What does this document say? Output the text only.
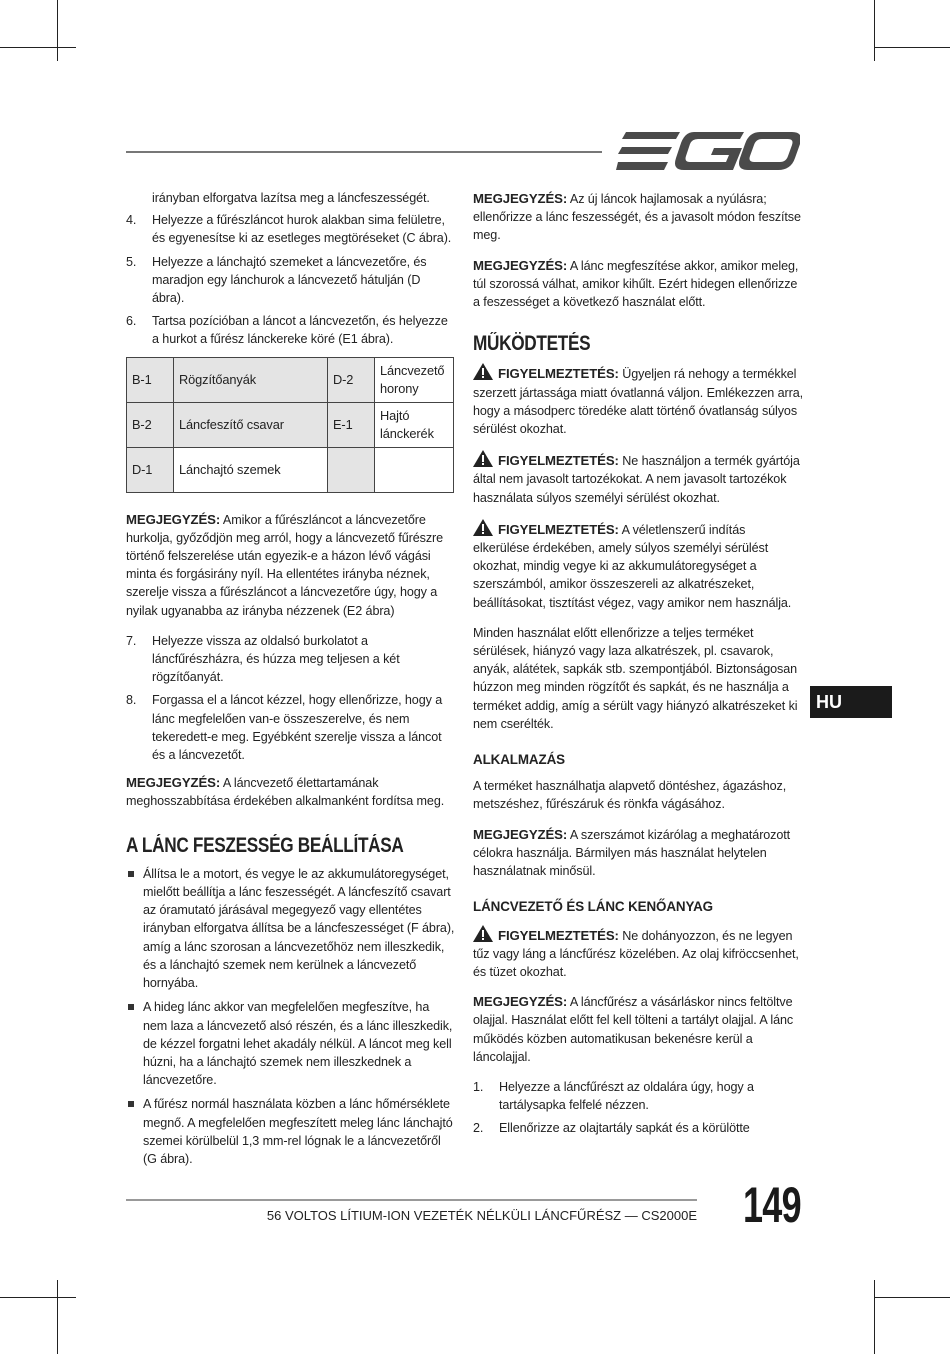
irányban elforgatva lazítsa meg a láncfeszességét.

4.	Helyezze a fűrészláncot hurok alakban sima felületre, és egyenesítse ki az esetleges megtöréseket (C ábra).
5.	Helyezze a lánchajtó szemeket a láncvezetőre, és maradjon egy lánchurok a láncvezető hátulján (D ábra).
6.	Tartsa pozícióban a láncot a láncvezetőn, és helyezze a hurkot a fűrész lánckereke köré (E1 ábra).
B-1	Rögzítőanyák	D-2	Láncvezető horony
B-2	Láncfeszítő csavar	E-1	Hajtó lánckerék
D-1	Lánchajtó szemek		

MEGJEGYZÉS: Amikor a fűrészláncot a láncvezetőre hurkolja, győződjön meg arról, hogy a láncvezető fűrészre történő felszerelése után egyezik-e a házon lévő vágási minta és forgásirány nyíl. Ha ellentétes irányba néznek, szerelje vissza a fűrészláncot a láncvezetőre úgy, hogy a nyilak ugyanabba az irányba nézzenek (E2 ábra)

7.	Helyezze vissza az oldalsó burkolatot a láncfűrészházra, és húzza meg teljesen a két rögzítőanyát.
8.	Forgassa el a láncot kézzel, hogy ellenőrizze, hogy a lánc megfelelően van-e összeszerelve, és nem tekeredett-e meg. Egyébként szerelje vissza a láncot és a láncvezetőt.

MEGJEGYZÉS: A láncvezető élettartamának meghosszabbítása érdekében alkalmanként fordítsa meg.

A LÁNC FESZESSÉG BEÁLLÍTÁSA
Állítsa le a motort, és vegye le az akkumulátoregységet, mielőtt beállítja a lánc feszességét. A láncfeszítő csavart az óramutató járásával megegyező vagy ellentétes irányban elforgatva állítsa be a láncfeszességet (F ábra), amíg a lánc szorosan a láncvezetőhöz nem illeszkedik, és a lánchajtó szemek nem kerülnek a láncvezető hornyába.
A hideg lánc akkor van megfelelően megfeszítve, ha nem laza a láncvezető alsó részén, és a lánc illeszkedik, de kézzel forgatni lehet akadály nélkül. A láncot meg kell húzni, ha a lánchajtó szemek nem illeszkednek a láncvezetőre.
A fűrész normál használata közben a lánc hőmérséklete megnő. A megfelelően megfeszített meleg lánc lánchajtó szemei körülbelül 1,3 mm-rel lógnak le a láncvezetőről (G ábra).

MEGJEGYZÉS: Az új láncok hajlamosak a nyúlásra; ellenőrizze a lánc feszességét, és a javasolt módon feszítse meg.

MEGJEGYZÉS: A lánc megfeszítése akkor, amikor meleg, túl szorossá válhat, amikor kihűlt. Ezért hidegen ellenőrizze a feszességet a következő használat előtt.

MŰKÖDTETÉS

FIGYELMEZTETÉS: Ügyeljen rá nehogy a termékkel szerzett jártassága miatt óvatlanná váljon. Emlékezzen arra, hogy a másodperc töredéke alatt történő óvatlanság súlyos sérülést okozhat.

FIGYELMEZTETÉS: Ne használjon a termék gyártója által nem javasolt tartozékokat. A nem javasolt tartozékok használata súlyos személyi sérülést okozhat.

FIGYELMEZTETÉS: A véletlenszerű indítás elkerülése érdekében, amely súlyos személyi sérülést okozhat, mindig vegye ki az akkumulátoregységet a szerszámból, amikor összeszereli az alkatrészeket, beállításokat, tisztítást végez, vagy amikor nem használja.

Minden használat előtt ellenőrizze a teljes terméket sérülések, hiányzó vagy laza alkatrészek, pl. csavarok, anyák, alátétek, sapkák stb. szempontjából. Biztonságosan húzzon meg minden rögzítőt és sapkát, és ne használja a terméket addig, amíg a sérült vagy hiányzó alkatrészeket ki nem cserélték.

ALKALMAZÁS

A terméket használhatja alapvető döntéshez, ágazáshoz, metszéshez, fűrészáruk és rönkfa vágásához.

MEGJEGYZÉS: A szerszámot kizárólag a meghatározott célokra használja. Bármilyen más használat helytelen használatnak minősül.

LÁNCVEZETŐ ÉS LÁNC KENŐANYAG

FIGYELMEZTETÉS: Ne dohányozzon, és ne legyen tűz vagy láng a láncfűrész közelében. Az olaj kifröccsenhet, és tüzet okozhat.

MEGJEGYZÉS: A láncfűrész a vásárláskor nincs feltöltve olajjal. Használat előtt fel kell tölteni a tartályt olajjal. A lánc működés közben automatikusan bekenésre kerül a láncolajjal.

1.	Helyezze a láncfűrészt az oldalára úgy, hogy a tartálysapka felfelé nézzen.
2.	Ellenőrizze az olajtartály sapkát és a körülötte
HU
56 VOLTOS LÍTIUM-ION VEZETÉK NÉLKÜLI LÁNCFŰRÉSZ — CS2000E 149
